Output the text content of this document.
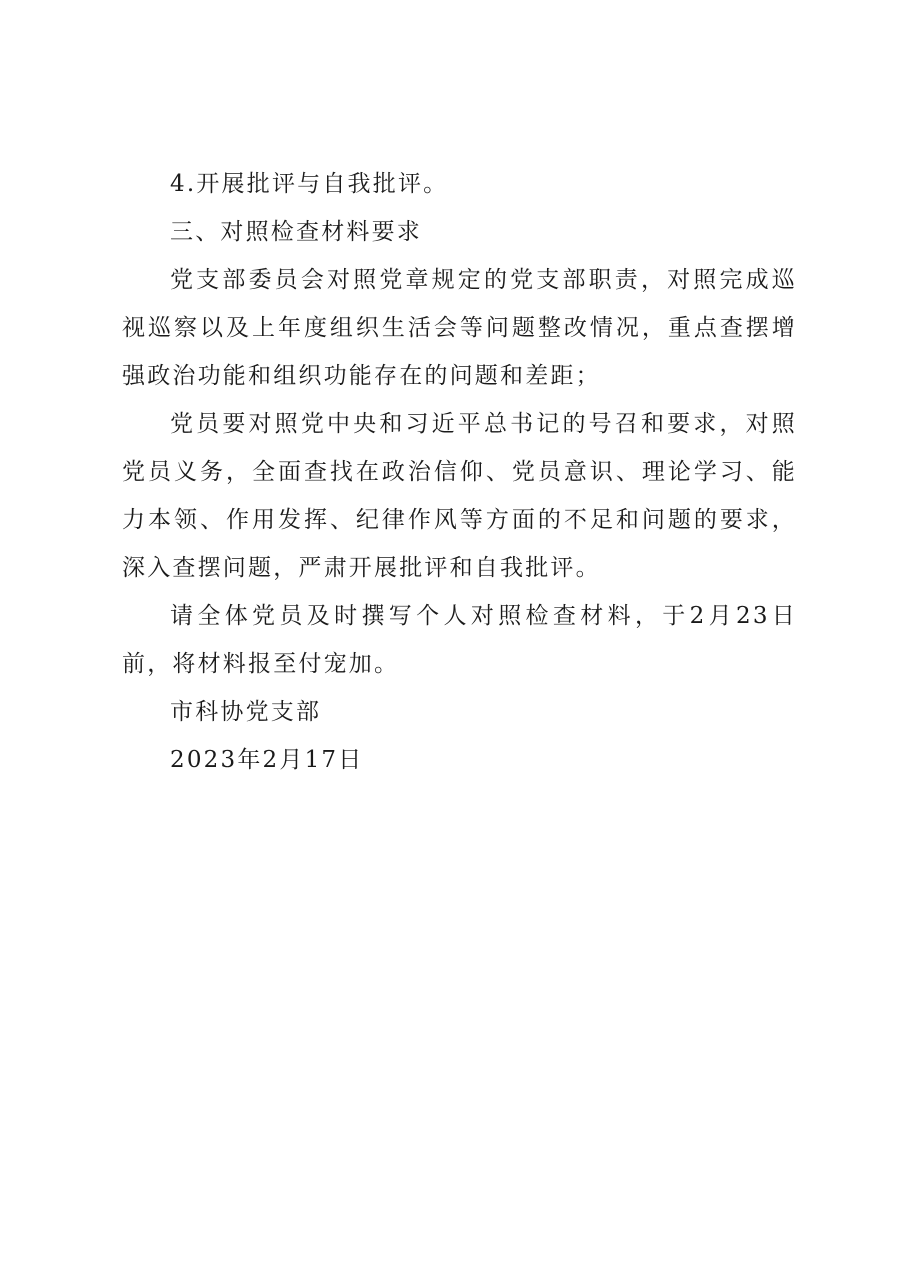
4.开展批评与自我批评。

三、对照检查材料要求

党支部委员会对照党章规定的党支部职责，对照完成巡视巡察以及上年度组织生活会等问题整改情况，重点查摆增强政治功能和组织功能存在的问题和差距；

党员要对照党中央和习近平总书记的号召和要求，对照党员义务，全面查找在政治信仰、党员意识、理论学习、能力本领、作用发挥、纪律作风等方面的不足和问题的要求，深入查摆问题，严肃开展批评和自我批评。

请全体党员及时撰写个人对照检查材料，于2月23日前，将材料报至付宠加。

市科协党支部

2023年2月17日
